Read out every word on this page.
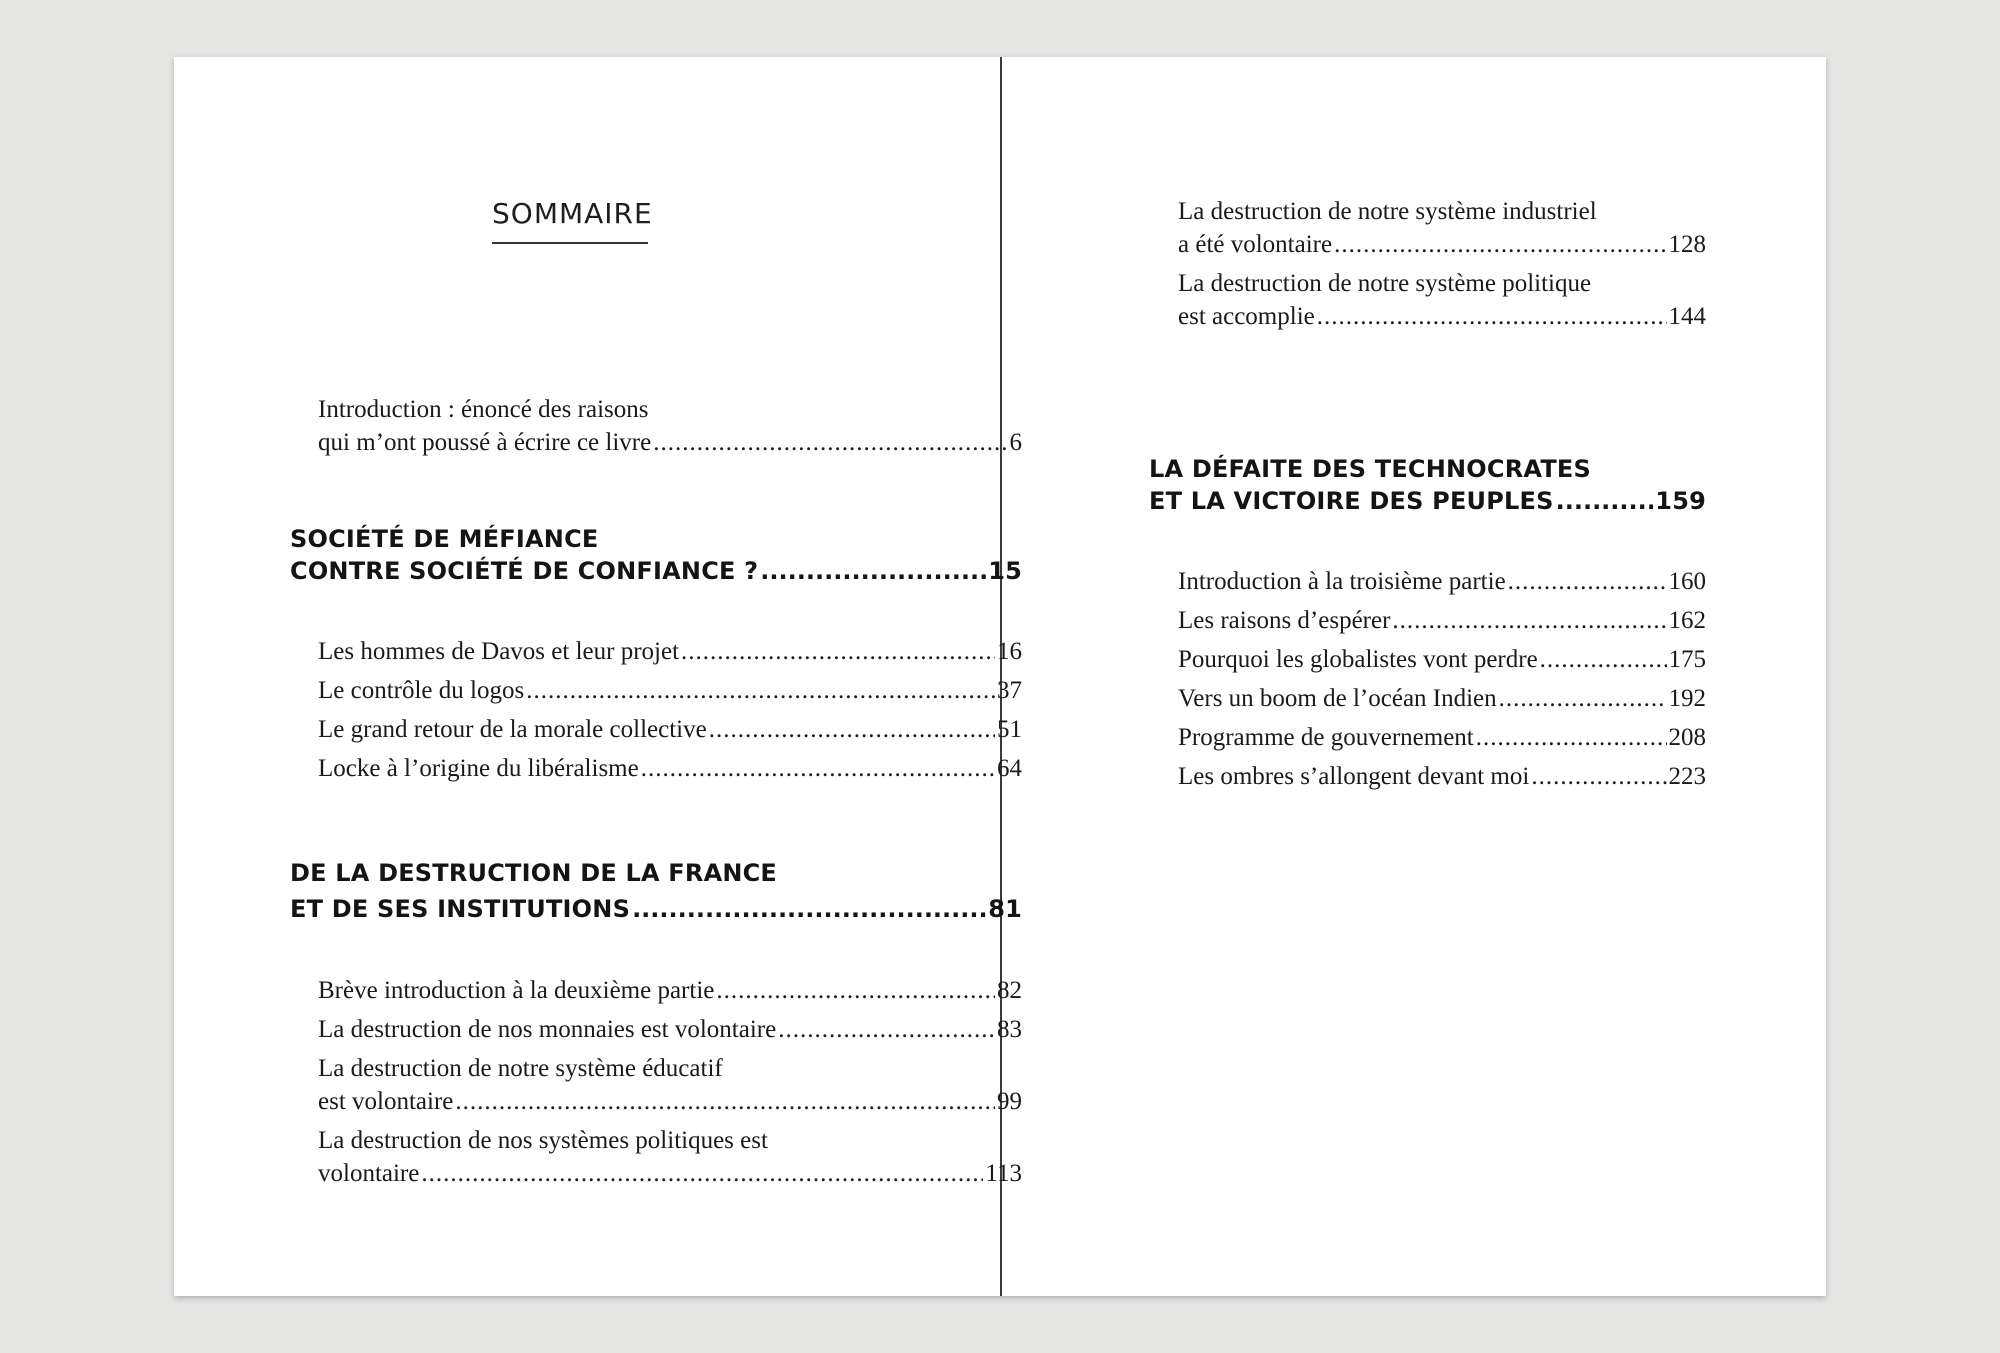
SOMMAIRE
Introduction : énoncé des raisons
qui m’ont poussé à écrire ce livre .....	6
SOCIÉTÉ DE MÉFIANCE
CONTRE SOCIÉTÉ DE CONFIANCE ? .....	15
Les hommes de Davos et leur projet .....	16
Le contrôle du logos .....	37
Le grand retour de la morale collective .....	51
Locke à l’origine du libéralisme .....	64
DE LA DESTRUCTION DE LA FRANCE
ET DE SES INSTITUTIONS .....	81
Brève introduction à la deuxième partie .....	82
La destruction de nos monnaies est volontaire .....	83
La destruction de notre système éducatif
est volontaire .....	99
La destruction de nos systèmes politiques est
volontaire .....	113
La destruction de notre système industriel
a été volontaire .....	128
La destruction de notre système politique
est accomplie .....	144
LA DÉFAITE DES TECHNOCRATES
ET LA VICTOIRE DES PEUPLES .....	159
Introduction à la troisième partie .....	160
Les raisons d’espérer .....	162
Pourquoi les globalistes vont perdre .....	175
Vers un boom de l’océan Indien .....	192
Programme de gouvernement .....	208
Les ombres s’allongent devant moi .....	223
